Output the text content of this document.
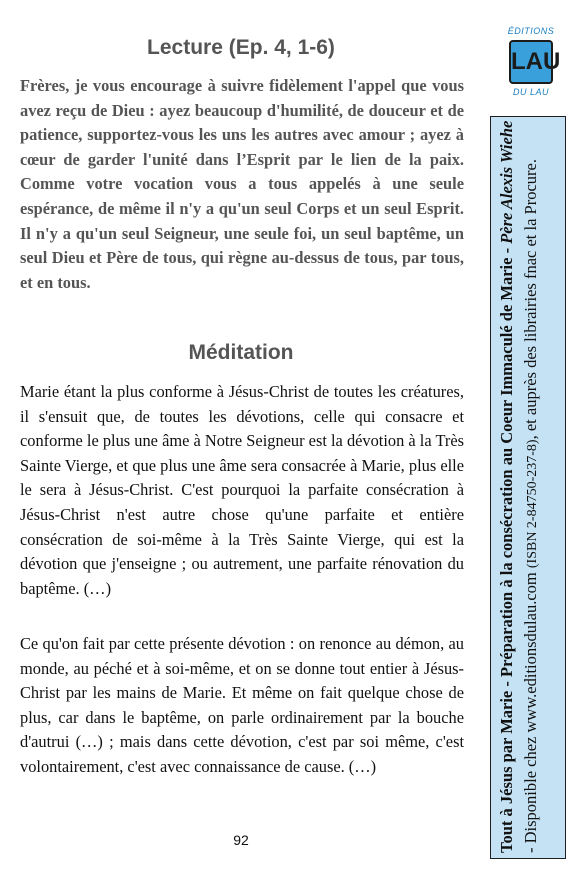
Lecture (Ep. 4, 1-6)

Frères, je vous encourage à suivre fidèlement l'appel que vous avez reçu de Dieu : ayez beaucoup d'humilité, de douceur et de patience, supportez-vous les uns les autres avec amour ; ayez à cœur de garder l'unité dans l’Esprit par le lien de la paix. Comme votre vocation vous a tous appelés à une seule espérance, de même il n'y a qu'un seul Corps et un seul Esprit. Il n'y a qu'un seul Seigneur, une seule foi, un seul baptême, un seul Dieu et Père de tous, qui règne au-dessus de tous, par tous, et en tous.

Méditation

Marie étant la plus conforme à Jésus-Christ de toutes les créatures, il s'ensuit que, de toutes les dévotions, celle qui consacre et conforme le plus une âme à Notre Seigneur est la dévotion à la Très Sainte Vierge, et que plus une âme sera consacrée à Marie, plus elle le sera à Jésus-Christ. C'est pourquoi la parfaite consécration à Jésus-Christ n'est autre chose qu'une parfaite et entière consécration de soi-même à la Très Sainte Vierge, qui est la dévotion que j'enseigne ; ou autrement, une parfaite rénovation du baptême. (…)

Ce qu'on fait par cette présente dévotion : on renonce au démon, au monde, au péché et à soi-même, et on se donne tout entier à Jésus-Christ par les mains de Marie. Et même on fait quelque chose de plus, car dans le baptême, on parle ordinairement par la bouche d'autrui (…) ; mais dans cette dévotion, c'est par soi même, c'est volontairement, c'est avec connaissance de cause. (…)

92
ÉDITIONS
LAU
DU LAU
Tout à Jésus par Marie - Préparation à la consécration au Coeur Immaculé de Marie - Père Alexis Wiehe - Disponible chez www.editionsdulau.com (ISBN 2-84750-237-8), et auprès des librairies fnac et la Procure.
